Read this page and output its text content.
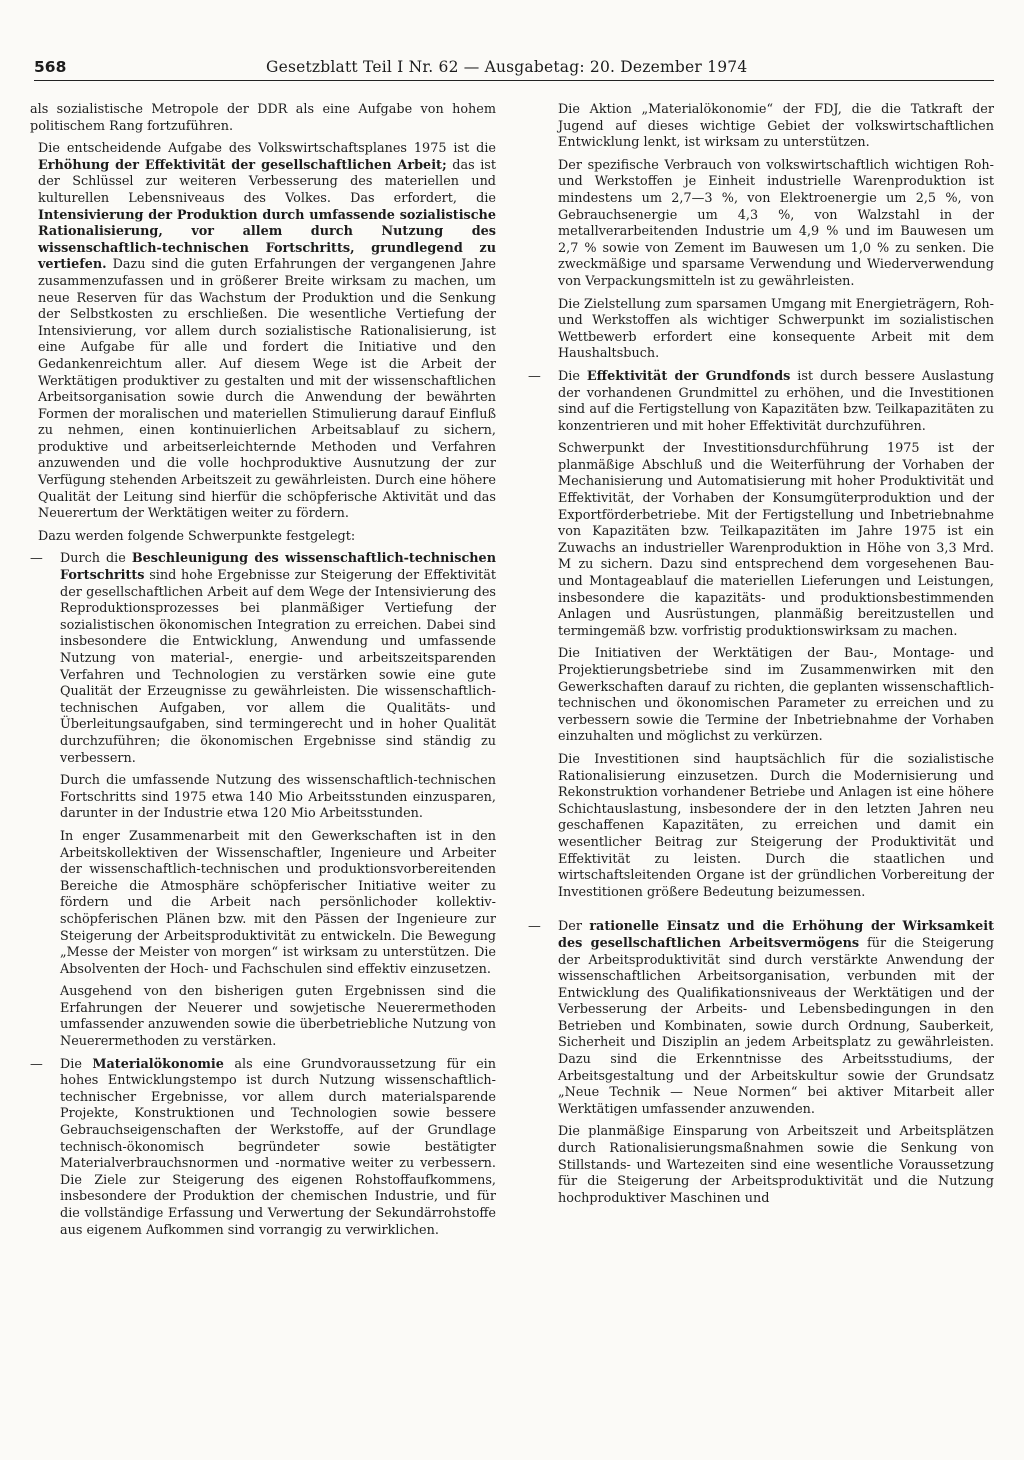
568	Gesetzblatt Teil I Nr. 62 — Ausgabetag: 20. Dezember 1974

als sozialistische Metropole der DDR als eine Aufgabe von hohem politischem Rang fortzuführen.

Die entscheidende Aufgabe des Volkswirtschaftsplanes 1975 ist die Erhöhung der Effektivität der gesellschaftlichen Arbeit; das ist der Schlüssel zur weiteren Verbesserung des materiellen und kulturellen Lebensniveaus des Volkes. Das erfordert, die Intensivierung der Produktion durch umfassende sozialistische Rationalisierung, vor allem durch Nutzung des wissenschaftlich-technischen Fortschritts, grundlegend zu vertiefen. Dazu sind die guten Erfahrungen der vergangenen Jahre zusammenzufassen und in größerer Breite wirksam zu machen, um neue Reserven für das Wachstum der Produktion und die Senkung der Selbstkosten zu erschließen. Die wesentliche Vertiefung der Intensivierung, vor allem durch sozialistische Rationalisierung, ist eine Aufgabe für alle und fordert die Initiative und den Gedankenreichtum aller. Auf diesem Wege ist die Arbeit der Werktätigen produktiver zu gestalten und mit der wissenschaftlichen Arbeitsorganisation sowie durch die Anwendung der bewährten Formen der moralischen und materiellen Stimulierung darauf Einfluß zu nehmen, einen kontinuierlichen Arbeitsablauf zu sichern, produktive und arbeitserleichternde Methoden und Verfahren anzuwenden und die volle hochproduktive Ausnutzung der zur Verfügung stehenden Arbeitszeit zu gewährleisten. Durch eine höhere Qualität der Leitung sind hierfür die schöpferische Aktivität und das Neuerertum der Werktätigen weiter zu fördern.

Dazu werden folgende Schwerpunkte festgelegt:

— Durch die Beschleunigung des wissenschaftlich-technischen Fortschritts sind hohe Ergebnisse zur Steigerung der Effektivität der gesellschaftlichen Arbeit auf dem Wege der Intensivierung des Reproduktionsprozesses bei planmäßiger Vertiefung der sozialistischen ökonomischen Integration zu erreichen. Dabei sind insbesondere die Entwicklung, Anwendung und umfassende Nutzung von material-, energie- und arbeitszeitsparenden Verfahren und Technologien zu verstärken sowie eine gute Qualität der Erzeugnisse zu gewährleisten. Die wissenschaftlich-technischen Aufgaben, vor allem die Qualitäts- und Überleitungsaufgaben, sind termingerecht und in hoher Qualität durchzuführen; die ökonomischen Ergebnisse sind ständig zu verbessern.

Durch die umfassende Nutzung des wissenschaftlich-technischen Fortschritts sind 1975 etwa 140 Mio Arbeitsstunden einzusparen, darunter in der Industrie etwa 120 Mio Arbeitsstunden.

In enger Zusammenarbeit mit den Gewerkschaften ist in den Arbeitskollektiven der Wissenschaftler, Ingenieure und Arbeiter der wissenschaftlich-technischen und produktionsvorbereitenden Bereiche die Atmosphäre schöpferischer Initiative weiter zu fördern und die Arbeit nach persönlichoder kollektiv-schöpferischen Plänen bzw. mit den Pässen der Ingenieure zur Steigerung der Arbeitsproduktivität zu entwickeln. Die Bewegung „Messe der Meister von morgen“ ist wirksam zu unterstützen. Die Absolventen der Hoch- und Fachschulen sind effektiv einzusetzen.

Ausgehend von den bisherigen guten Ergebnissen sind die Erfahrungen der Neuerer und sowjetische Neuerermethoden umfassender anzuwenden sowie die überbetriebliche Nutzung von Neuerermethoden zu verstärken.

— Die Materialökonomie als eine Grundvoraussetzung für ein hohes Entwicklungstempo ist durch Nutzung wissenschaftlich-technischer Ergebnisse, vor allem durch materialsparende Projekte, Konstruktionen und Technologien sowie bessere Gebrauchseigenschaften der Werkstoffe, auf der Grundlage technisch-ökonomisch begründeter sowie bestätigter Materialverbrauchsnormen und -normative weiter zu verbessern. Die Ziele zur Steigerung des eigenen Rohstoffaufkommens, insbesondere der Produktion der chemischen Industrie, und für die vollständige Erfassung und Verwertung der Sekundärrohstoffe aus eigenem Aufkommen sind vorrangig zu verwirklichen.

Die Aktion „Materialökonomie“ der FDJ, die die Tatkraft der Jugend auf dieses wichtige Gebiet der volkswirtschaftlichen Entwicklung lenkt, ist wirksam zu unterstützen.

Der spezifische Verbrauch von volkswirtschaftlich wichtigen Roh- und Werkstoffen je Einheit industrielle Warenproduktion ist mindestens um 2,7—3 %, von Elektroenergie um 2,5 %, von Gebrauchsenergie um 4,3 %, von Walzstahl in der metallverarbeitenden Industrie um 4,9 % und im Bauwesen um 2,7 % sowie von Zement im Bauwesen um 1,0 % zu senken. Die zweckmäßige und sparsame Verwendung und Wiederverwendung von Verpackungsmitteln ist zu gewährleisten.

Die Zielstellung zum sparsamen Umgang mit Energieträgern, Roh- und Werkstoffen als wichtiger Schwerpunkt im sozialistischen Wettbewerb erfordert eine konsequente Arbeit mit dem Haushaltsbuch.

— Die Effektivität der Grundfonds ist durch bessere Auslastung der vorhandenen Grundmittel zu erhöhen, und die Investitionen sind auf die Fertigstellung von Kapazitäten bzw. Teilkapazitäten zu konzentrieren und mit hoher Effektivität durchzuführen.

Schwerpunkt der Investitionsdurchführung 1975 ist der planmäßige Abschluß und die Weiterführung der Vorhaben der Mechanisierung und Automatisierung mit hoher Produktivität und Effektivität, der Vorhaben der Konsumgüterproduktion und der Exportförderbetriebe. Mit der Fertigstellung und Inbetriebnahme von Kapazitäten bzw. Teilkapazitäten im Jahre 1975 ist ein Zuwachs an industrieller Warenproduktion in Höhe von 3,3 Mrd. M zu sichern. Dazu sind entsprechend dem vorgesehenen Bau- und Montageablauf die materiellen Lieferungen und Leistungen, insbesondere die kapazitäts- und produktionsbestimmenden Anlagen und Ausrüstungen, planmäßig bereitzustellen und termingemäß bzw. vorfristig produktionswirksam zu machen.

Die Initiativen der Werktätigen der Bau-, Montage- und Projektierungsbetriebe sind im Zusammenwirken mit den Gewerkschaften darauf zu richten, die geplanten wissenschaftlich-technischen und ökonomischen Parameter zu erreichen und zu verbessern sowie die Termine der Inbetriebnahme der Vorhaben einzuhalten und möglichst zu verkürzen.

Die Investitionen sind hauptsächlich für die sozialistische Rationalisierung einzusetzen. Durch die Modernisierung und Rekonstruktion vorhandener Betriebe und Anlagen ist eine höhere Schichtauslastung, insbesondere der in den letzten Jahren neu geschaffenen Kapazitäten, zu erreichen und damit ein wesentlicher Beitrag zur Steigerung der Produktivität und Effektivität zu leisten. Durch die staatlichen und wirtschaftsleitenden Organe ist der gründlichen Vorbereitung der Investitionen größere Bedeutung beizumessen.

— Der rationelle Einsatz und die Erhöhung der Wirksamkeit des gesellschaftlichen Arbeitsvermögens für die Steigerung der Arbeitsproduktivität sind durch verstärkte Anwendung der wissenschaftlichen Arbeitsorganisation, verbunden mit der Entwicklung des Qualifikationsniveaus der Werktätigen und der Verbesserung der Arbeits- und Lebensbedingungen in den Betrieben und Kombinaten, sowie durch Ordnung, Sauberkeit, Sicherheit und Disziplin an jedem Arbeitsplatz zu gewährleisten. Dazu sind die Erkenntnisse des Arbeitsstudiums, der Arbeitsgestaltung und der Arbeitskultur sowie der Grundsatz „Neue Technik — Neue Normen“ bei aktiver Mitarbeit aller Werktätigen umfassender anzuwenden.

Die planmäßige Einsparung von Arbeitszeit und Arbeitsplätzen durch Rationalisierungsmaßnahmen sowie die Senkung von Stillstands- und Wartezeiten sind eine wesentliche Voraussetzung für die Steigerung der Arbeitsproduktivität und die Nutzung hochproduktiver Maschinen und
